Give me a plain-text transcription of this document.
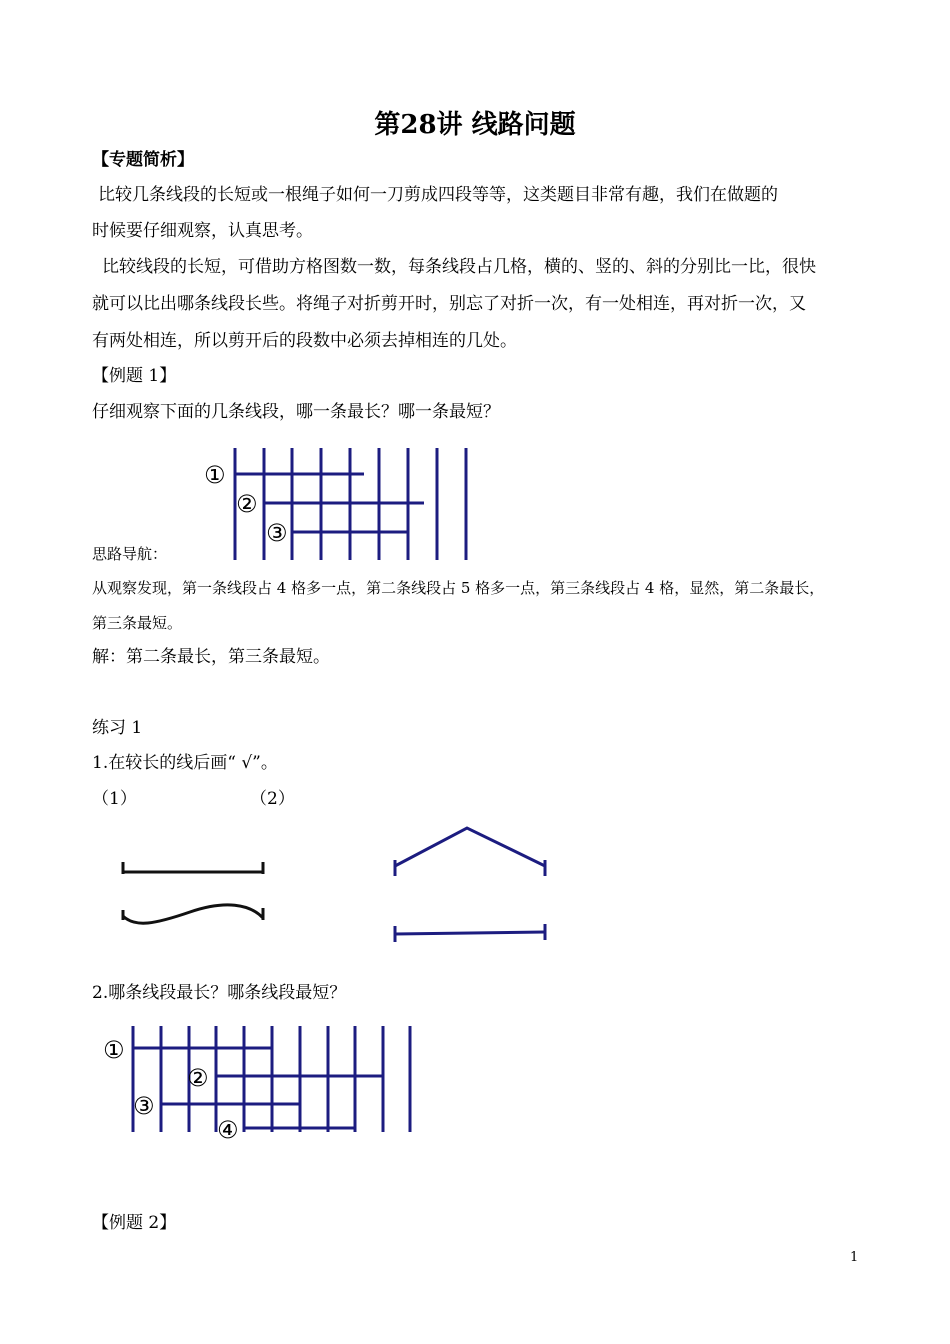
第28讲 线路问题

【专题简析】

比较几条线段的长短或一根绳子如何一刀剪成四段等等，这类题目非常有趣，我们在做题的

时候要仔细观察，认真思考。

比较线段的长短，可借助方格图数一数，每条线段占几格，横的、竖的、斜的分别比一比，很快

就可以比出哪条线段长些。将绳子对折剪开时，别忘了对折一次，有一处相连，再对折一次，又

有两处相连，所以剪开后的段数中必须去掉相连的几处。

【例题 1】

仔细观察下面的几条线段，哪一条最长？哪一条最短？

①
②
③

思路导航：

从观察发现，第一条线段占 4 格多一点，第二条线段占 5 格多一点，第三条线段占 4 格，显然，第二条最长，

第三条最短。

解：第二条最长，第三条最短。

练习 1

1.在较长的线后画“ √”。

（1）	（2）

2.哪条线段最长？哪条线段最短？

①
②
③
④

【例题 2】

1
